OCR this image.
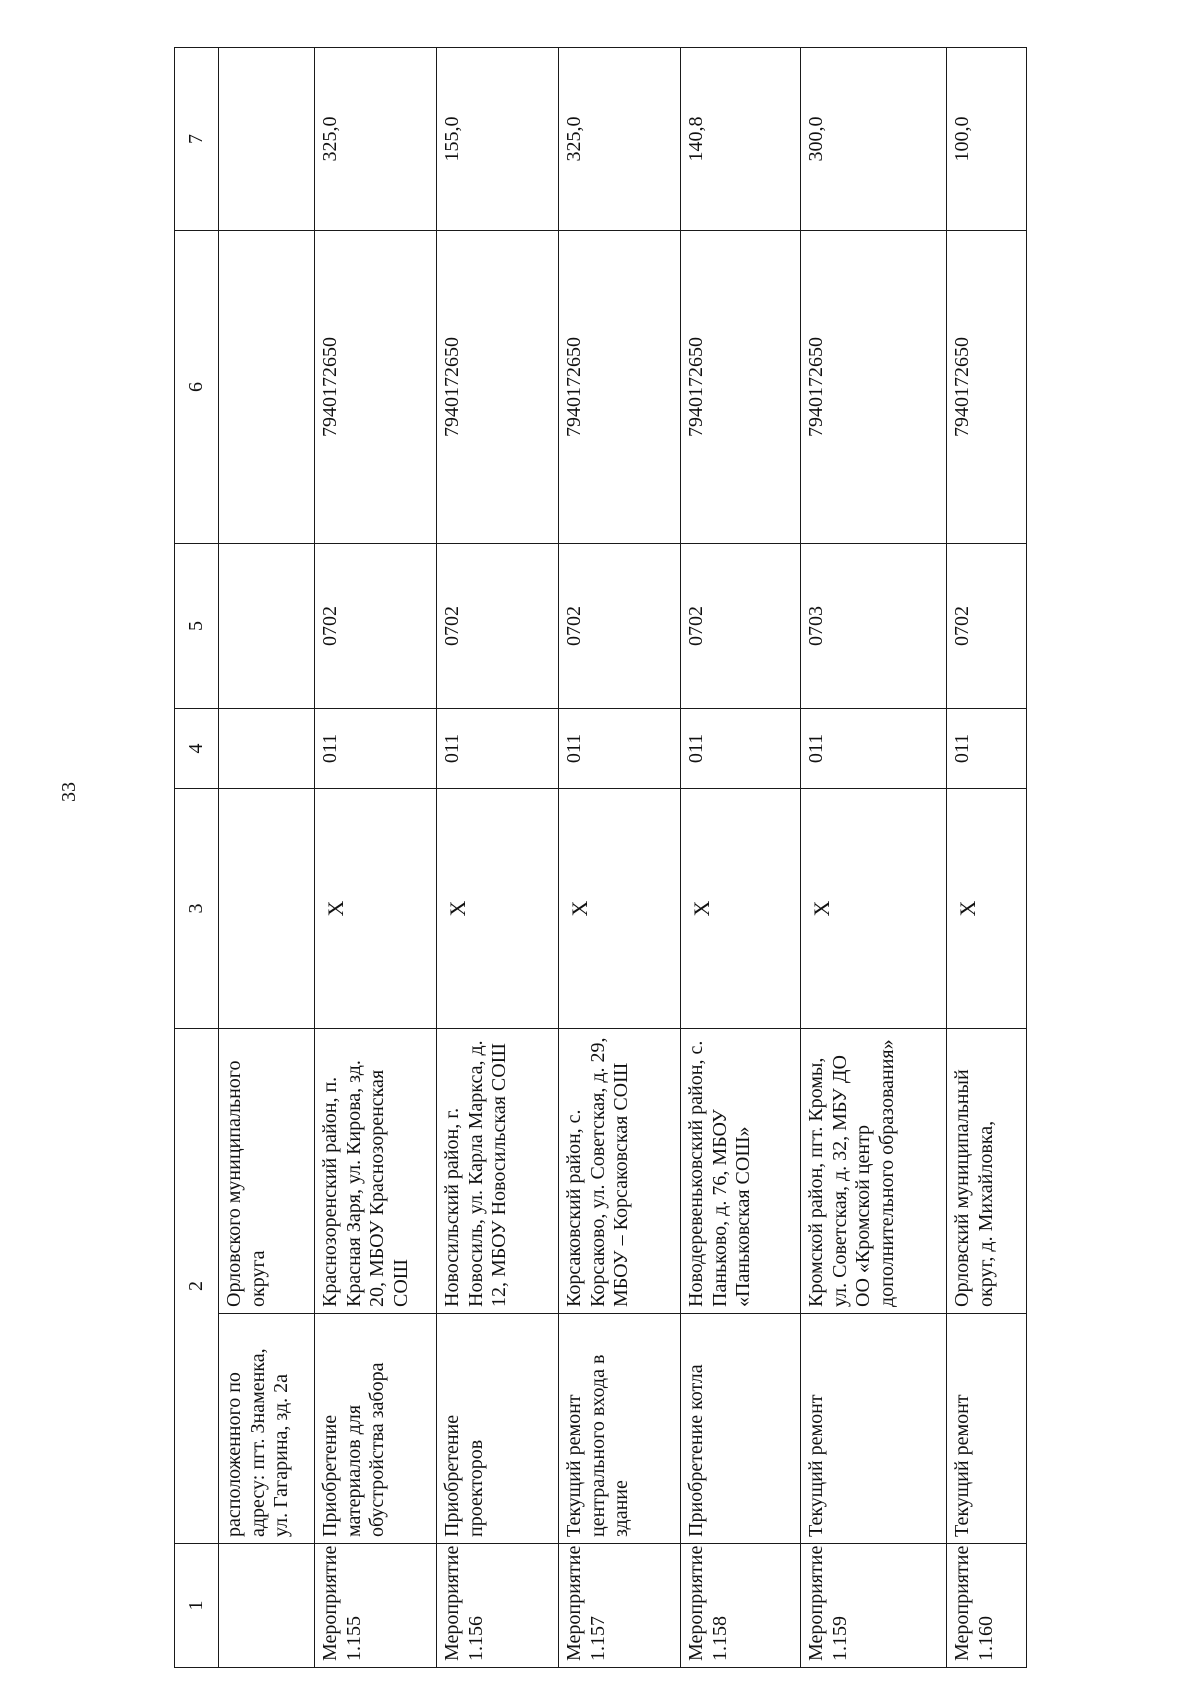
33
1	2		3	4	5	6	7
	расположенного по адресу: пгт. Знаменка, ул. Гагарина, зд. 2а	Орловского муниципального округа					
Мероприятие 1.155	Приобретение материалов для обустройства забора	Краснозоренский район, п. Красная Заря, ул. Кирова, зд. 20, МБОУ Краснозоренская СОШ	Х	011	0702	7940172650	325,0
Мероприятие 1.156	Приобретение проекторов	Новосильский район, г. Новосиль, ул. Карла Маркса, д. 12, МБОУ Новосильская СОШ	Х	011	0702	7940172650	155,0
Мероприятие 1.157	Текущий ремонт центрального входа в здание	Корсаковский район, с. Корсаково, ул. Советская, д. 29, МБОУ – Корсаковская СОШ	Х	011	0702	7940172650	325,0
Мероприятие 1.158	Приобретение котла	Новодеревеньковский район, с. Паньково, д. 76, МБОУ «Паньковская СОШ»	Х	011	0702	7940172650	140,8
Мероприятие 1.159	Текущий ремонт	Кромской район, пгт. Кромы, ул. Советская, д. 32, МБУ ДО ОО «Кромской центр дополнительного образования»	Х	011	0703	7940172650	300,0
Мероприятие 1.160	Текущий ремонт	Орловский муниципальный округ, д. Михайловка,	Х	011	0702	7940172650	100,0
